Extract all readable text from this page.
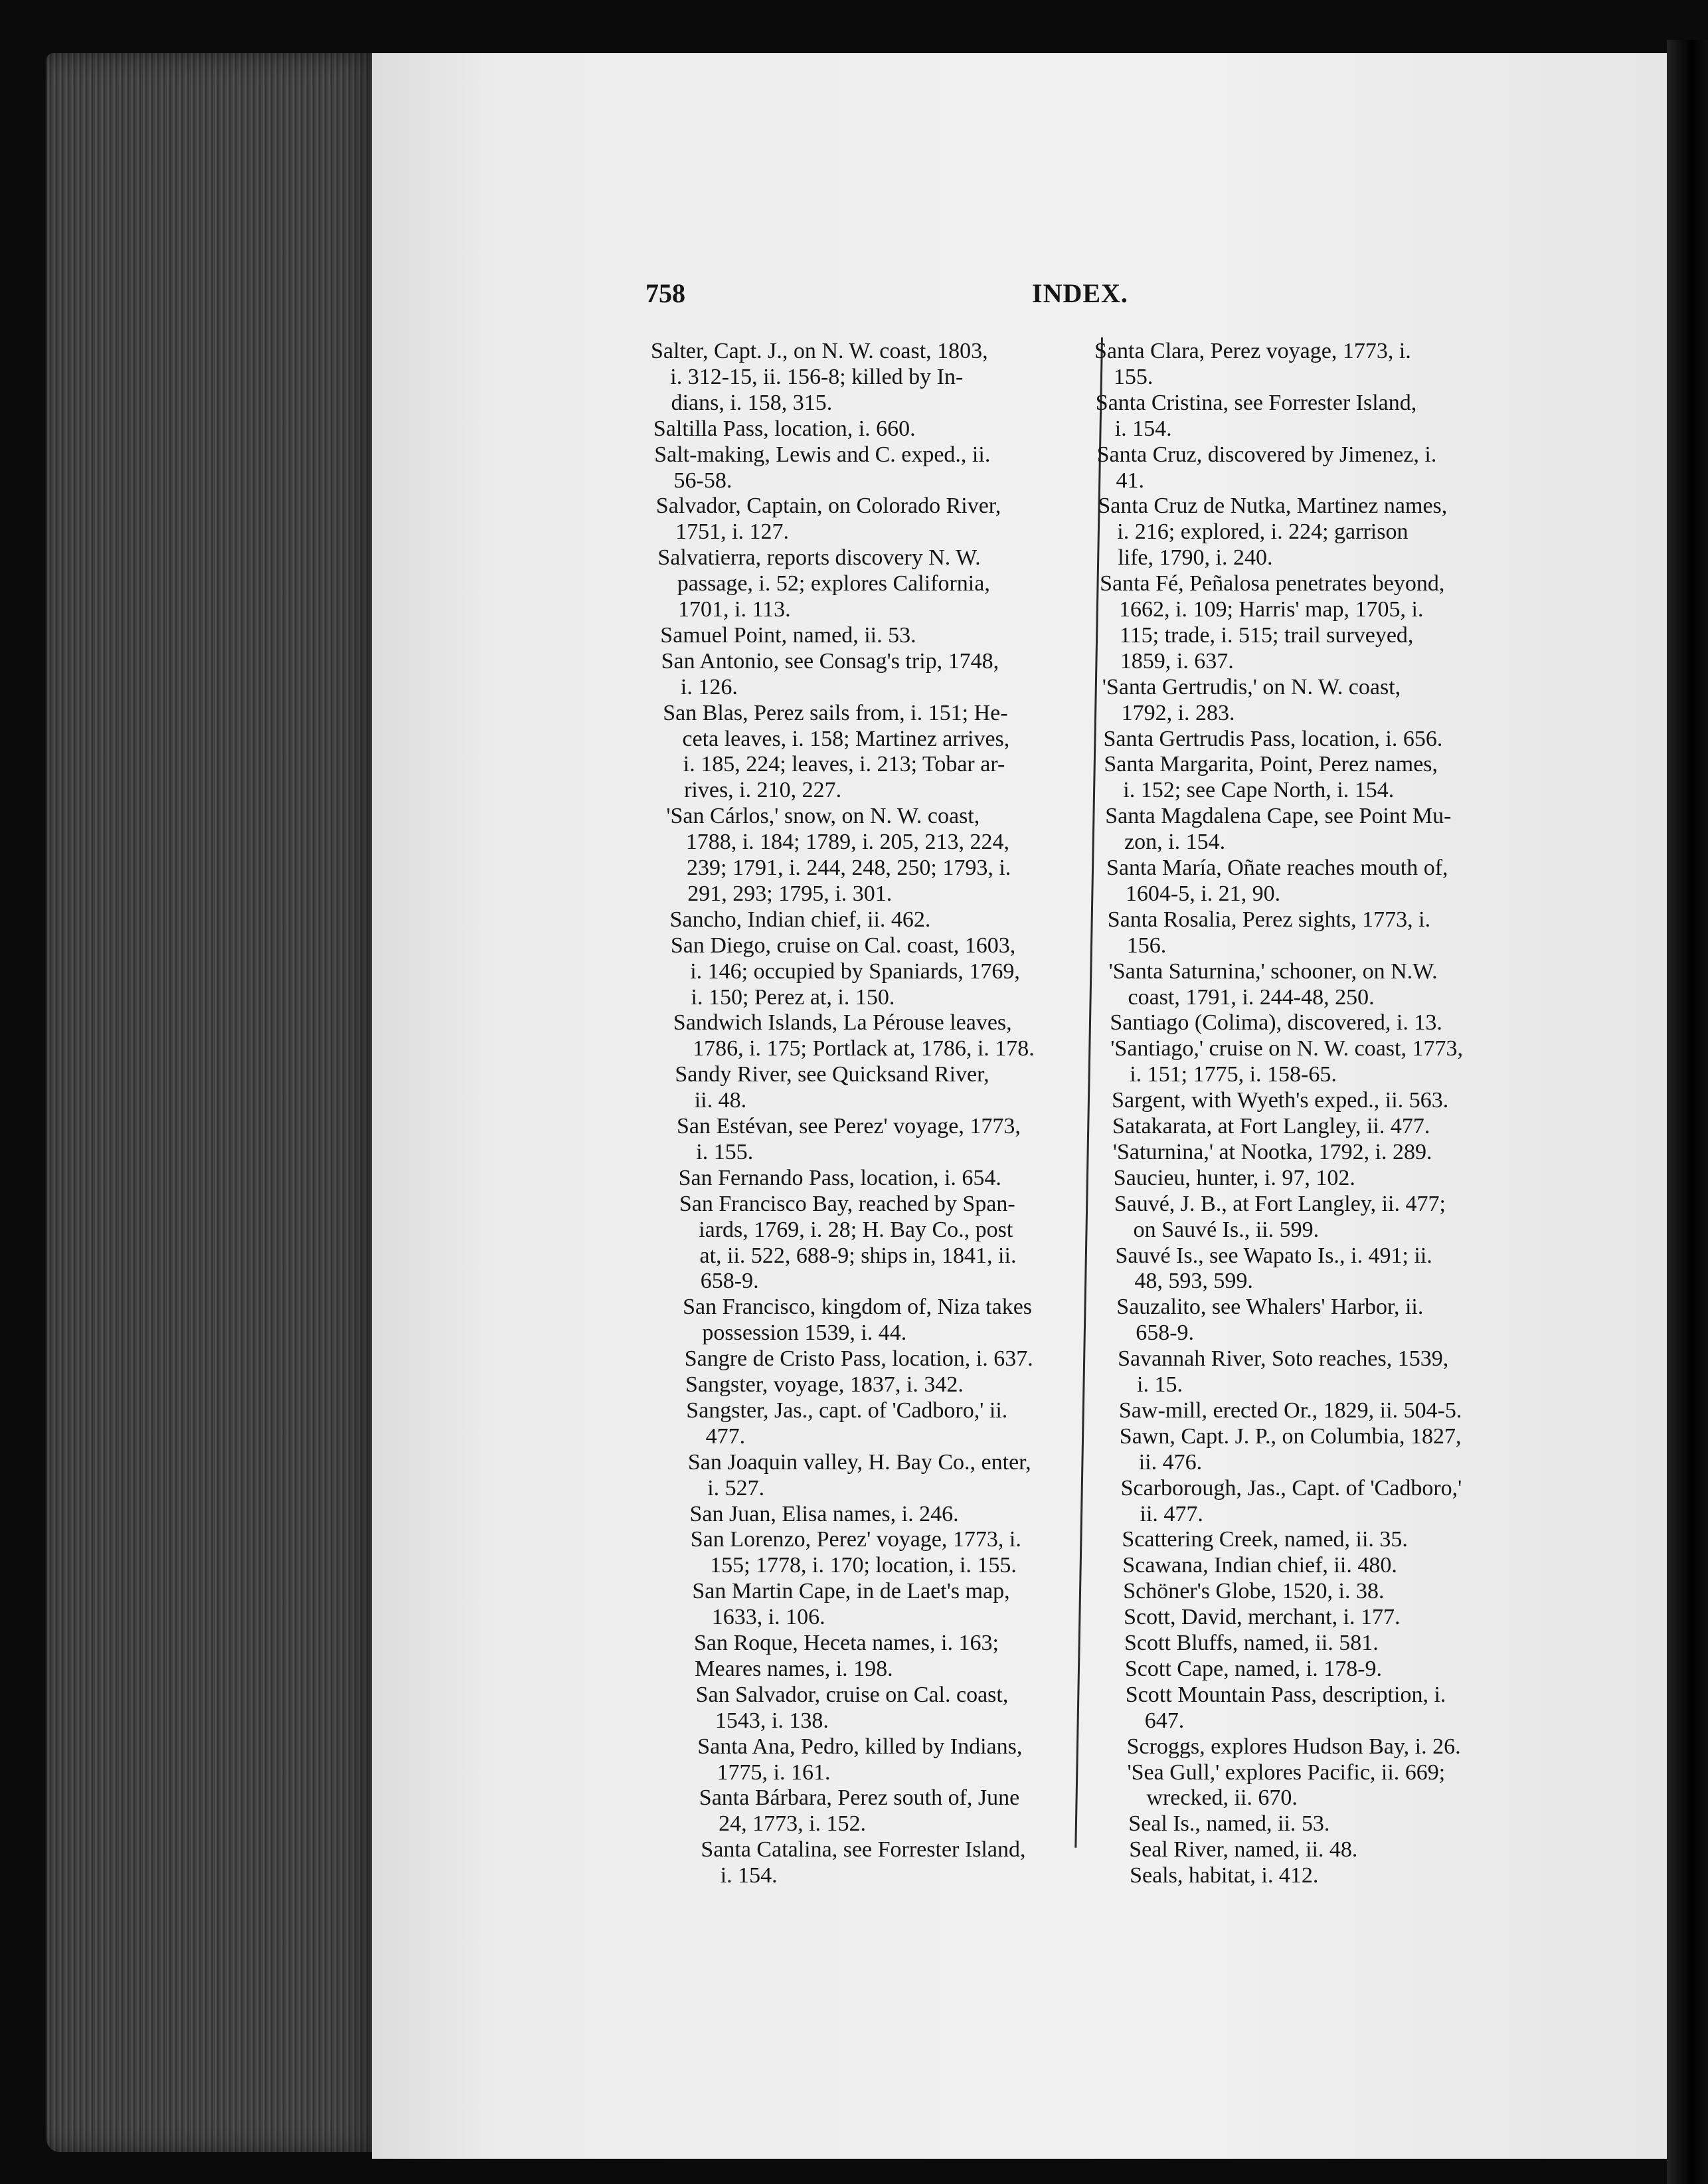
758	INDEX.
Salter, Capt. J., on N. W. coast, 1803,
i. 312-15, ii. 156-8; killed by In-
dians, i. 158, 315.
Saltilla Pass, location, i. 660.
Salt-making, Lewis and C. exped., ii.
56-58.
Salvador, Captain, on Colorado River,
1751, i. 127.
Salvatierra, reports discovery N. W.
passage, i. 52; explores California,
1701, i. 113.
Samuel Point, named, ii. 53.
San Antonio, see Consag's trip, 1748,
i. 126.
San Blas, Perez sails from, i. 151; He-
ceta leaves, i. 158; Martinez arrives,
i. 185, 224; leaves, i. 213; Tobar ar-
rives, i. 210, 227.
'San Cárlos,' snow, on N. W. coast,
1788, i. 184; 1789, i. 205, 213, 224,
239; 1791, i. 244, 248, 250; 1793, i.
291, 293; 1795, i. 301.
Sancho, Indian chief, ii. 462.
San Diego, cruise on Cal. coast, 1603,
i. 146; occupied by Spaniards, 1769,
i. 150; Perez at, i. 150.
Sandwich Islands, La Pérouse leaves,
1786, i. 175; Portlack at, 1786, i. 178.
Sandy River, see Quicksand River,
ii. 48.
San Estévan, see Perez' voyage, 1773,
i. 155.
San Fernando Pass, location, i. 654.
San Francisco Bay, reached by Span-
iards, 1769, i. 28; H. Bay Co., post
at, ii. 522, 688-9; ships in, 1841, ii.
658-9.
San Francisco, kingdom of, Niza takes
possession 1539, i. 44.
Sangre de Cristo Pass, location, i. 637.
Sangster, voyage, 1837, i. 342.
Sangster, Jas., capt. of 'Cadboro,' ii.
477.
San Joaquin valley, H. Bay Co., enter,
i. 527.
San Juan, Elisa names, i. 246.
San Lorenzo, Perez' voyage, 1773, i.
155; 1778, i. 170; location, i. 155.
San Martin Cape, in de Laet's map,
1633, i. 106.
San Roque, Heceta names, i. 163;
Meares names, i. 198.
San Salvador, cruise on Cal. coast,
1543, i. 138.
Santa Ana, Pedro, killed by Indians,
1775, i. 161.
Santa Bárbara, Perez south of, June
24, 1773, i. 152.
Santa Catalina, see Forrester Island,
i. 154.
Santa Clara, Perez voyage, 1773, i.
155.
Santa Cristina, see Forrester Island,
i. 154.
Santa Cruz, discovered by Jimenez, i.
41.
Santa Cruz de Nutka, Martinez names,
i. 216; explored, i. 224; garrison
life, 1790, i. 240.
Santa Fé, Peñalosa penetrates beyond,
1662, i. 109; Harris' map, 1705, i.
115; trade, i. 515; trail surveyed,
1859, i. 637.
'Santa Gertrudis,' on N. W. coast,
1792, i. 283.
Santa Gertrudis Pass, location, i. 656.
Santa Margarita, Point, Perez names,
i. 152; see Cape North, i. 154.
Santa Magdalena Cape, see Point Mu-
zon, i. 154.
Santa María, Oñate reaches mouth of,
1604-5, i. 21, 90.
Santa Rosalia, Perez sights, 1773, i.
156.
'Santa Saturnina,' schooner, on N.W.
coast, 1791, i. 244-48, 250.
Santiago (Colima), discovered, i. 13.
'Santiago,' cruise on N. W. coast, 1773,
i. 151; 1775, i. 158-65.
Sargent, with Wyeth's exped., ii. 563.
Satakarata, at Fort Langley, ii. 477.
'Saturnina,' at Nootka, 1792, i. 289.
Saucieu, hunter, i. 97, 102.
Sauvé, J. B., at Fort Langley, ii. 477;
on Sauvé Is., ii. 599.
Sauvé Is., see Wapato Is., i. 491; ii.
48, 593, 599.
Sauzalito, see Whalers' Harbor, ii.
658-9.
Savannah River, Soto reaches, 1539,
i. 15.
Saw-mill, erected Or., 1829, ii. 504-5.
Sawn, Capt. J. P., on Columbia, 1827,
ii. 476.
Scarborough, Jas., Capt. of 'Cadboro,'
ii. 477.
Scattering Creek, named, ii. 35.
Scawana, Indian chief, ii. 480.
Schöner's Globe, 1520, i. 38.
Scott, David, merchant, i. 177.
Scott Bluffs, named, ii. 581.
Scott Cape, named, i. 178-9.
Scott Mountain Pass, description, i.
647.
Scroggs, explores Hudson Bay, i. 26.
'Sea Gull,' explores Pacific, ii. 669;
wrecked, ii. 670.
Seal Is., named, ii. 53.
Seal River, named, ii. 48.
Seals, habitat, i. 412.
